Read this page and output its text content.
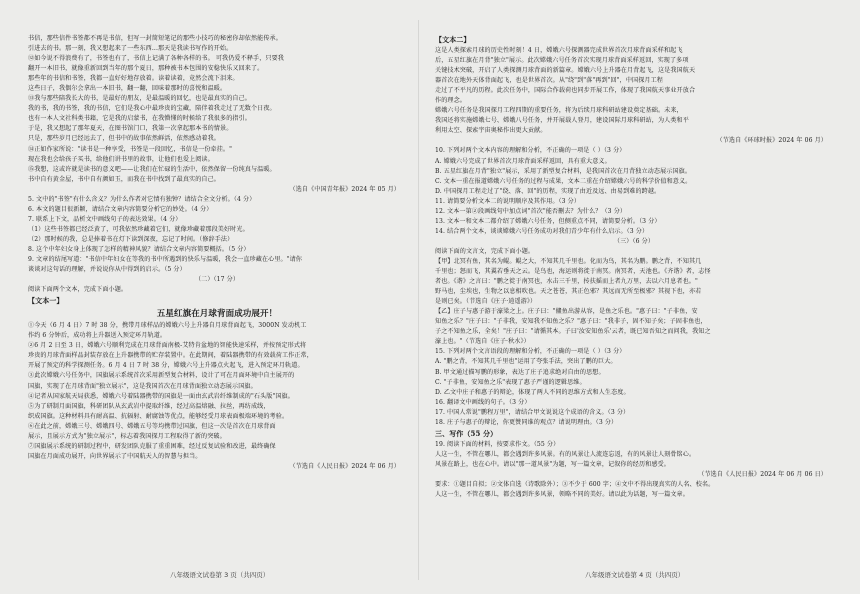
书信，那些信件书签都不再是书信，但写一封简短笔记的那些小技巧的秘密你却依然能传承。
引进去的书。那一刻，我又想起来了一些东西...那天是我读书写作的开始。
⑫如今说不得浪费有了，书签也有了，书信上记满了各种各样的书。 可我仍爱不释手，只要我
翻开一本旧书，就像重新回到当年的那个夏日，那种被书本包围的安稳快乐又回来了。
那些年的书信和书签，我都一直好好地存放着。读着读着，竟然会流下泪来。
这些日子，我偶尔会拿出一本旧书，翻一翻，回味着那时的喜悦和温暖。
⑬我与那些陪我长大的书，是最好的朋友，是最温暖的回忆，也是最真实的自己。
我的书，我的书签，我的书信，它们是我心中最珍贵的宝藏，陪伴着我走过了无数个日夜。
也有一本人文社科类书籍，它是我的启蒙书，在我懵懂的时候给了我很多的指引。
于是，我又想起了那年夏天，在图书馆门口，我第一次拿起那本书的情景。
只是，那些岁月已经远去了，但书中的故事依然鲜活，依然感动着我。
⑭正如作家所说："读书是一种享受，书签是一段回忆，书信是一份牵挂。"
现在我也会给孩子买书，给他们讲书里的故事，让他们也爱上阅读。
⑮我想，这或许就是读书的意义吧——让我们在忙碌的生活中，依然保留一份纯真与温暖。
书中自有黄金屋，书中自有颜如玉，而我在书中找到了最真实的自己。
（选自《中国青年报》2024 年 05 月）
5. 文中的"书签"有什么含义？为什么作者对它情有独钟？请结合全文分析。（4 分）
6. 本文的题目很新颖，请结合文章内容简要分析它的妙处。（4 分）
7. 联系上下文，品析文中画线句子的表达效果。（4 分）
（1）这些书签都已经泛黄了，可我依然珍藏着它们，就像珍藏着那段美好时光。
（2）那时候的我，总是捧着书在灯下读到深夜，忘记了时间。（修辞手法）
8. 这个中年妇女身上体现了怎样的精神风貌？请结合文章内容简要概括。（5 分）
9. 文章的结尾写道："书信中年妇女在等我的书中所遇到的快乐与温暖，我会一直珍藏在心里。"请你
谈谈对这句话的理解，并说说你从中得到的启示。（5 分）
（二）（17 分）
阅读下面两个文本，完成下面小题。
【文本一】
五星红旗在月球背面成功展开！
①今天（6 月 4 日）7 时 38 分，携带月球样品的嫦娥六号上升器自月球背面起飞，3000N 发动机工
作约 6 分钟后，成功将上升器送入预定环月轨道。
②6 月 2 日至 3 日，嫦娥六号顺利完成在月球背面南极-艾特肯盆地的智能快速采样，并按预定形式将
珍贵的月球背面样品封装存放在上升器携带的贮存装置中。在此期间，着陆器携带的有效载荷工作正常，
开展了预定的科学探测任务。6 月 4 日 7 时 38 分，嫦娥六号上升器点火起飞，进入预定环月轨道。
③此次嫦娥六号任务中，国旗展示系统首次采用新型复合材料，设计了可在月面环境中自主展开的
国旗，实现了在月球背面"独立展示"，这是我国首次在月球背面独立动态展示国旗。
④记者从国家航天局获悉，嫦娥六号着陆器携带的国旗是一面由玄武岩纤维制成的"石头版"国旗。
⑤为了研制月面国旗，科研团队从玄武岩中提取纤维，经过高温熔融、拉丝，再纺成线，
织成国旗。这种材料具有耐高温、抗辐射、耐腐蚀等优点，能够经受月球表面极端环境的考验。
⑥在此之前，嫦娥三号、嫦娥四号、嫦娥五号等均携带过国旗，但这一次是首次在月球背面
展示，且展示方式为"独立展示"，标志着我国探月工程取得了新的突破。
⑦国旗展示系统的研制过程中，研发团队克服了重重困难，经过反复试验和改进，最终确保
国旗在月面成功展开，向世界展示了中国航天人的智慧与担当。
（节选自《人民日报》2024 年 06 月）
【文本二】
这是人类探索月球的历史性时刻！4 日，嫦娥六号探测器完成世界首次月球背面采样和起飞
后，五星红旗在月背"独立"展示。此次嫦娥六号任务首次实现月球背面采样返回，实现了多项
关键技术突破，开启了人类探测月球背面的新篇章。嫦娥六号上升器在月背起飞，这是我国航天
器首次在地外天体背面起飞，也是世界首次。从"绕"到"落"再到"回"，中国探月工程
走过了不平凡的历程。此次任务中，国际合作载荷也同步开展工作，体现了我国航天事业开放合
作的理念。
嫦娥六号任务是我国探月工程四期的重要任务，将为后续月球科研站建设奠定基础。未来，
我国还将实施嫦娥七号、嫦娥八号任务，并开展载人登月，建设国际月球科研站，为人类和平
利用太空、探索宇宙奥秘作出更大贡献。
（节选自《环球时报》2024 年 06 月）
10. 下列对两个文本内容的理解和分析，不正确的一项是（ ）（3 分）
A. 嫦娥六号完成了世界首次月球背面采样返回，具有重大意义。
B. 五星红旗在月背"独立"展示，采用了新型复合材料，是我国首次在月背独立动态展示国旗。
C. 文本一重在报道嫦娥六号任务的过程与成果，文本二重在介绍嫦娥六号的科学价值和意义。
D. 中国探月工程走过了"绕、落、回"的历程，实现了由近及远、由易到难的跨越。
11. 请简要分析文本二的说明顺序及其作用。（3 分）
12. 文本一第②段画线句中加点词"首次"能否删去？为什么？（3 分）
13. 文本一和文本二都介绍了嫦娥六号任务，但侧重点不同，请简要分析。（3 分）
14. 结合两个文本，谈谈嫦娥六号任务成功对我们青少年有什么启示。（3 分）
（三）（6 分）
阅读下面的文言文，完成下面小题。
【甲】北冥有鱼，其名为鲲。鲲之大，不知其几千里也。化而为鸟，其名为鹏。鹏之背，不知其几
千里也；怒而飞，其翼若垂天之云。是鸟也，海运则将徙于南冥。南冥者，天池也。《齐谐》者，志怪
者也。《谐》之言曰："鹏之徙于南冥也，水击三千里，抟扶摇而上者九万里，去以六月息者也。"
野马也，尘埃也，生物之以息相吹也。天之苍苍，其正色邪？其远而无所至极邪？其视下也，亦若
是则已矣。（节选自《庄子·逍遥游》）
【乙】庄子与惠子游于濠梁之上。庄子曰："鯈鱼出游从容，是鱼之乐也。"惠子曰："子非鱼，安
知鱼之乐？"庄子曰："子非我，安知我不知鱼之乐？"惠子曰："我非子，固不知子矣；子固非鱼也，
子之不知鱼之乐，全矣！"庄子曰："请循其本。子曰'汝安知鱼乐'云者，既已知吾知之而问我，我知之
濠上也。"（节选自《庄子·秋水》）
15. 下列对两个文言语段的理解和分析，不正确的一项是（ ）（3 分）
A. "鹏之背，不知其几千里也"运用了夸张手法，突出了鹏的巨大。
B. 甲文通过描写鹏的形象，表达了庄子追求绝对自由的思想。
C. "子非鱼，安知鱼之乐"表现了惠子严谨的逻辑思维。
D. 乙文中庄子和惠子的辩论，体现了两人不同的思维方式和人生态度。
16. 翻译文中画线的句子。（3 分）
17. 中国人常说"鹏程万里"，请结合甲文说说这个成语的含义。（3 分）
18. 庄子与惠子的辩论，你更赞同谁的观点？请说明理由。（3 分）
三、写作（55 分）
19. 阅读下面的材料，按要求作文。（55 分）
人这一生，不管在哪儿，都会遇到许多风景。有的风景让人流连忘返，有的风景让人刻骨铭心。
风景在路上，也在心中。请以"那一道风景"为题，写一篇文章，记叙你的经历和感受。
（节选自《人民日报》2024 年 06 月 06 日）
要求：①题目自拟；②文体自选（诗歌除外）；③不少于 600 字；④文中不得出现真实的人名、校名。
人这一生，不管在哪儿，都会遇到许多风景，领略不同的美好。请以此为话题，写一篇文章。
八年级语文试卷第 3 页（共四页）	八年级语文试卷第 4 页（共四页）
